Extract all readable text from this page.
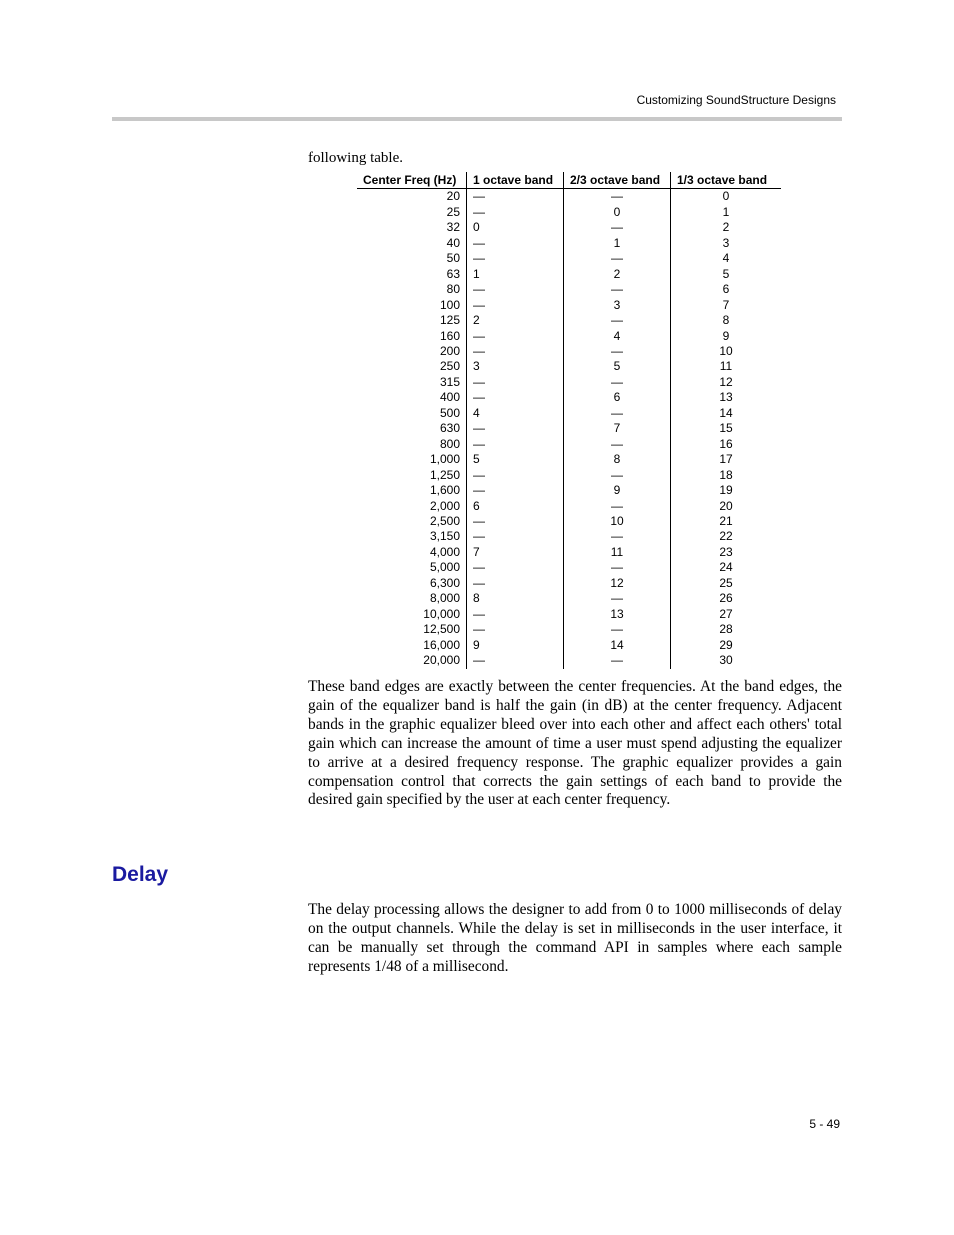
Customizing SoundStructure Designs
following table.
Center Freq (Hz)	1 octave band	2/3 octave band	1/3 octave band
20	—	—	0
25	—	0	1
32	0	—	2
40	—	1	3
50	—	—	4
63	1	2	5
80	—	—	6
100	—	3	7
125	2	—	8
160	—	4	9
200	—	—	10
250	3	5	11
315	—	—	12
400	—	6	13
500	4	—	14
630	—	7	15
800	—	—	16
1,000	5	8	17
1,250	—	—	18
1,600	—	9	19
2,000	6	—	20
2,500	—	10	21
3,150	—	—	22
4,000	7	11	23
5,000	—	—	24
6,300	—	12	25
8,000	8	—	26
10,000	—	13	27
12,500	—	—	28
16,000	9	14	29
20,000	—	—	30
These band edges are exactly between the center frequencies. At the band edges, the gain of the equalizer band is half the gain (in dB) at the center frequency. Adjacent bands in the graphic equalizer bleed over into each other and affect each others' total gain which can increase the amount of time a user must spend adjusting the equalizer to arrive at a desired frequency response. The graphic equalizer provides a gain compensation control that corrects the gain settings of each band to provide the desired gain specified by the user at each center frequency.
Delay
The delay processing allows the designer to add from 0 to 1000 milliseconds of delay on the output channels. While the delay is set in milliseconds in the user interface, it can be manually set through the command API in samples where each sample represents 1/48 of a millisecond.
5 - 49
